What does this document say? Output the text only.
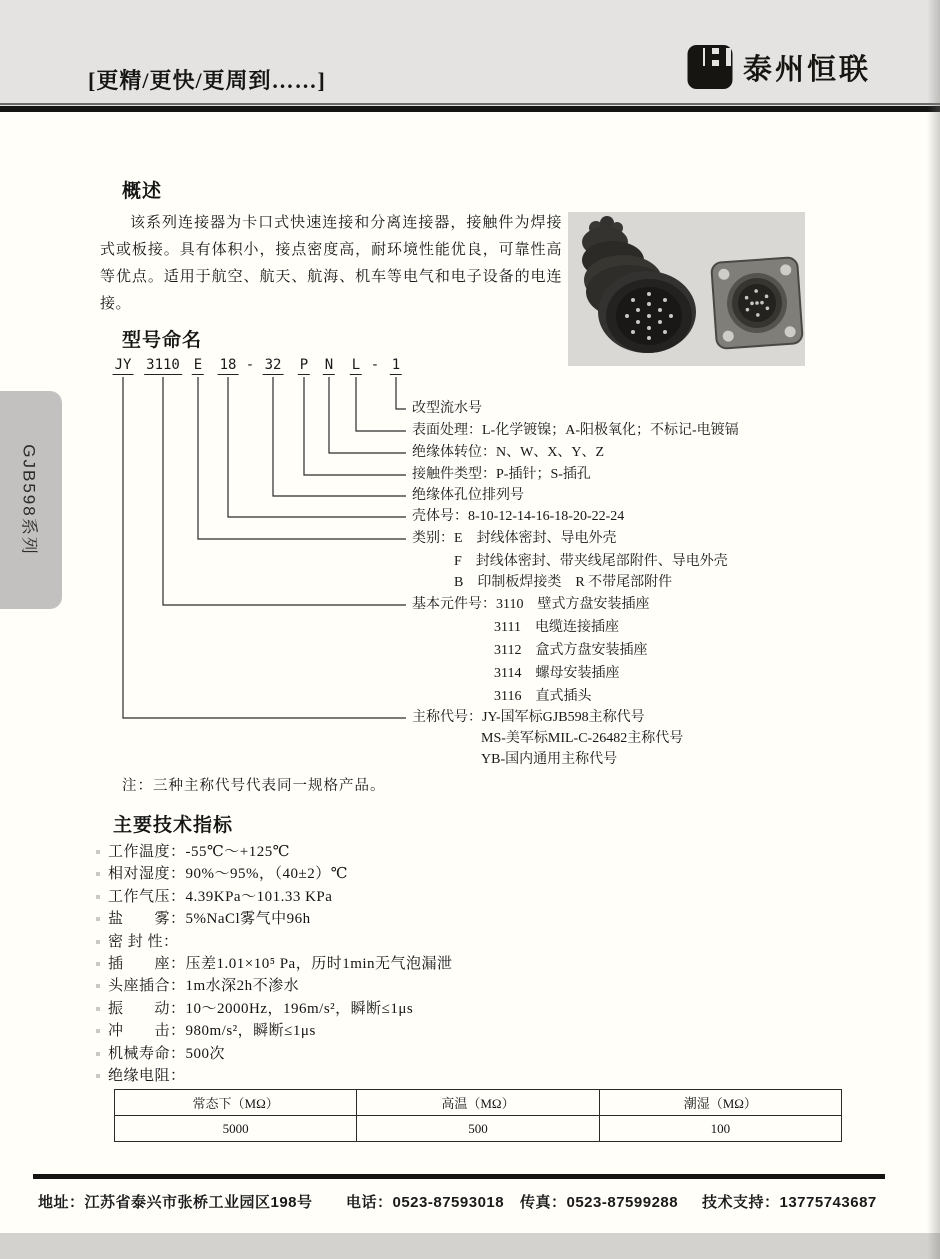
[更精/更快/更周到……]	泰州恒联
GJB598系列
概述

该系列连接器为卡口式快速连接和分离连接器，接触件为焊接式或板接。具有体积小，接点密度高，耐环境性能优良，可靠性高等优点。适用于航空、航天、航海、机车等电气和电子设备的电连接。

型号命名
JY 3110 E 18 - 32 P N L - 1
改型流水号
表面处理：L-化学镀镍；A-阳极氧化；不标记-电镀镉
绝缘体转位：N、W、X、Y、Z
接触件类型：P-插针；S-插孔
绝缘体孔位排列号
壳体号：8-10-12-14-16-18-20-22-24
类别：E　封线体密封、导电外壳
F　封线体密封、带夹线尾部附件、导电外壳
B　印制板焊接类　R 不带尾部附件
基本元件号：3110　壁式方盘安装插座
3111　电缆连接插座
3112　盒式方盘安装插座
3114　螺母安装插座
3116　直式插头
主称代号：JY-国军标GJB598主称代号
MS-美军标MIL-C-26482主称代号
YB-国内通用主称代号

注：三种主称代号代表同一规格产品。

主要技术指标
工作温度：-55℃～+125℃
相对湿度：90%～95%，（40±2）℃
工作气压：4.39KPa～101.33 KPa
盐　　雾：5%NaCl雾气中96h
密 封 性：
插　　座：压差1.01×10⁵ Pa，历时1min无气泡漏泄
头座插合：1m水深2h不渗水
振　　动：10～2000Hz，196m/s²，瞬断≤1μs
冲　　击：980m/s²，瞬断≤1μs
机械寿命：500次
绝缘电阻：
常态下（MΩ）	高温（MΩ）	潮湿（MΩ）
5000	500	100
地址：江苏省泰兴市张桥工业园区198号 电话：0523-87593018 传真：0523-87599288 技术支持：13775743687
